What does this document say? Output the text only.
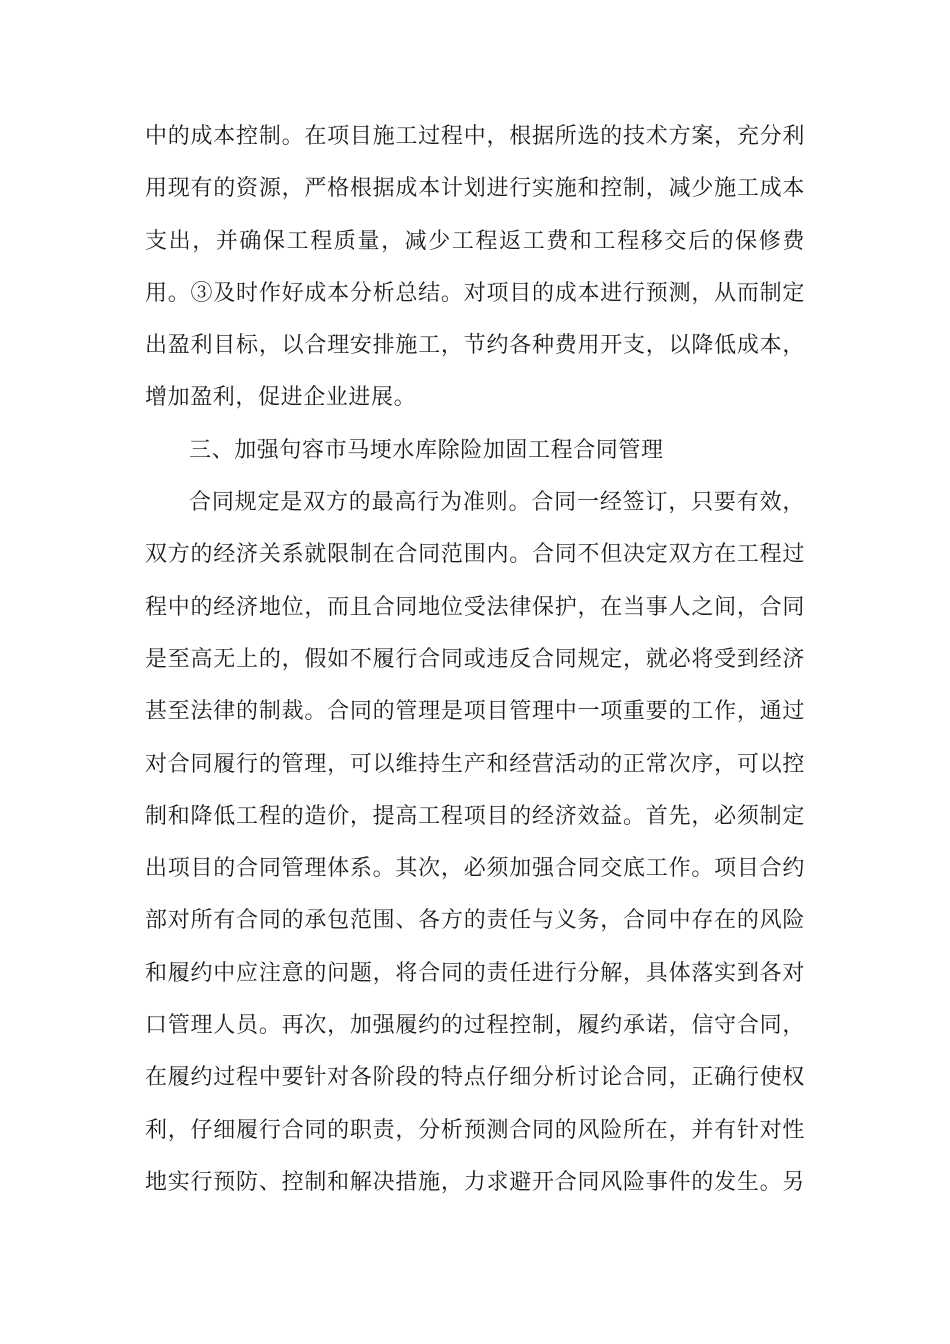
中的成本控制。在项目施工过程中，根据所选的技术方案，充分利
用现有的资源，严格根据成本计划进行实施和控制，减少施工成本
支出，并确保工程质量，减少工程返工费和工程移交后的保修费
用。③及时作好成本分析总结。对项目的成本进行预测，从而制定
出盈利目标，以合理安排施工，节约各种费用开支，以降低成本，
增加盈利，促进企业进展。
三、加强句容市马埂水库除险加固工程合同管理
合同规定是双方的最高行为准则。合同一经签订，只要有效，
双方的经济关系就限制在合同范围内。合同不但决定双方在工程过
程中的经济地位，而且合同地位受法律保护，在当事人之间，合同
是至高无上的，假如不履行合同或违反合同规定，就必将受到经济
甚至法律的制裁。合同的管理是项目管理中一项重要的工作，通过
对合同履行的管理，可以维持生产和经营活动的正常次序，可以控
制和降低工程的造价，提高工程项目的经济效益。首先，必须制定
出项目的合同管理体系。其次，必须加强合同交底工作。项目合约
部对所有合同的承包范围、各方的责任与义务，合同中存在的风险
和履约中应注意的问题，将合同的责任进行分解，具体落实到各对
口管理人员。再次，加强履约的过程控制，履约承诺，信守合同，
在履约过程中要针对各阶段的特点仔细分析讨论合同，正确行使权
利，仔细履行合同的职责，分析预测合同的风险所在，并有针对性
地实行预防、控制和解决措施，力求避开合同风险事件的发生。另
